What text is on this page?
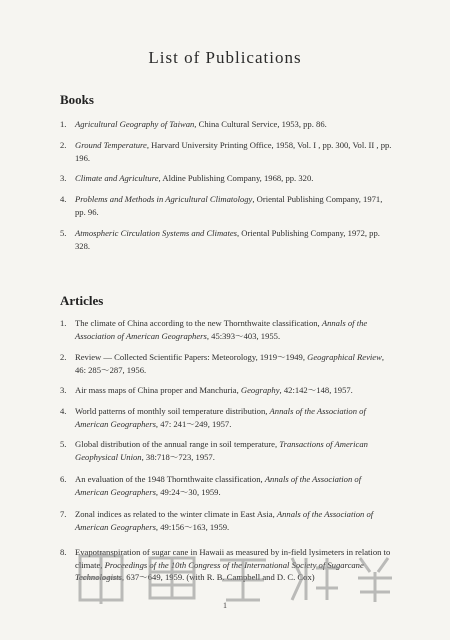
List of Publications
Books
1. Agricultural Geography of Taiwan, China Cultural Service, 1953, pp. 86.
2. Ground Temperature, Harvard University Printing Office, 1958, Vol. I , pp. 300, Vol. II , pp. 196.
3. Climate and Agriculture, Aldine Publishing Company, 1968, pp. 320.
4. Problems and Methods in Agricultural Climatology, Oriental Publishing Company, 1971, pp. 96.
5. Atmospheric Circulation Systems and Climates, Oriental Publishing Company, 1972, pp. 328.
Articles
1. The climate of China according to the new Thornthwaite classification, Annals of the Association of American Geographers, 45:393～403, 1955.
2. Review — Collected Scientific Papers: Meteorology, 1919～1949, Geographical Review, 46: 285～287, 1956.
3. Air mass maps of China proper and Manchuria, Geography, 42:142～148, 1957.
4. World patterns of monthly soil temperature distribution, Annals of the Association of American Geographers, 47: 241～249, 1957.
5. Global distribution of the annual range in soil temperature, Transactions of American Geophysical Union, 38:718～723, 1957.
6. An evaluation of the 1948 Thornthwaite classification, Annals of the Association of American Geographers, 49:24～30, 1959.
7. Zonal indices as related to the winter climate in East Asia, Annals of the Association of American Geographers, 49:156～163, 1959.
8. Evapotranspiration of sugar cane in Hawaii as measured by in-field lysimeters in relation to climate, Proceedings of the 10th Congress of the International Society of Sugarcane Technologists, 637～649, 1959. (with R. B. Campbell and D. C. Cox)
1
